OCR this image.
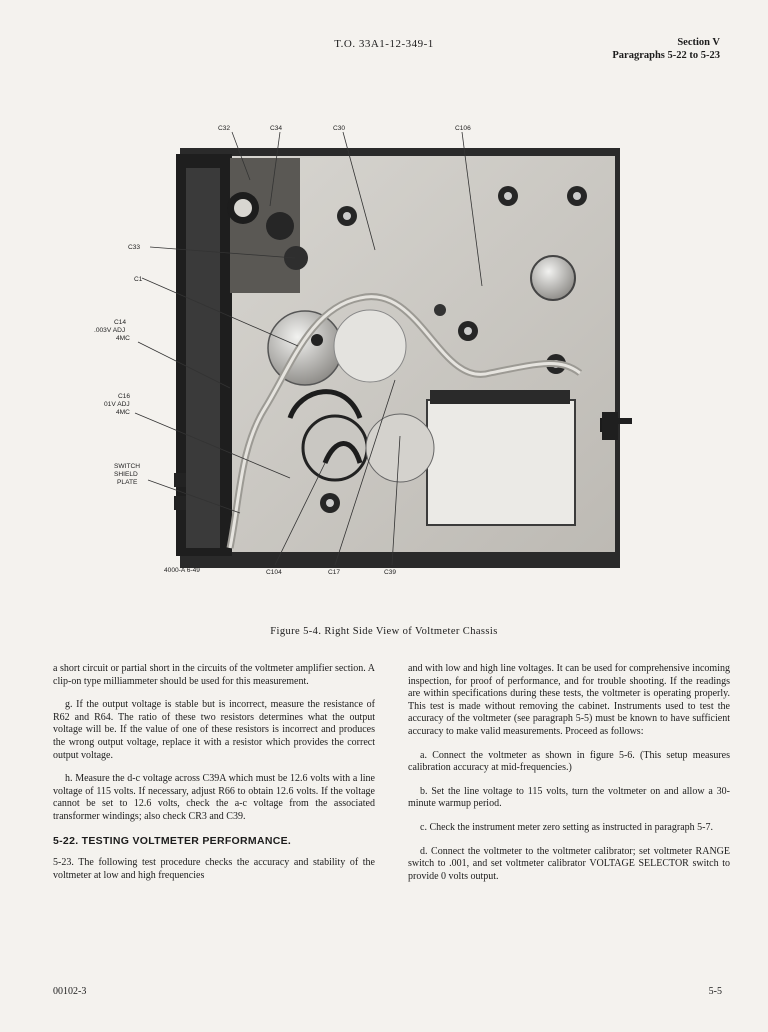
T.O. 33A1-12-349-1	Section V
Paragraphs 5-22 to 5-23
C32	C34	C30	C106
C33
C1
C14
.003V ADJ
4MC
C16
01V ADJ
4MC
SWITCH
SHIELD
PLATE
4000-A 6-49	C104	C17	C39
Figure 5-4. Right Side View of Voltmeter Chassis

a short circuit or partial short in the circuits of the voltmeter amplifier section. A clip-on type milliammeter should be used for this measurement.

g. If the output voltage is stable but is incorrect, measure the resistance of R62 and R64. The ratio of these two resistors determines what the output voltage will be. If the value of one of these resistors is incorrect and produces the wrong output voltage, replace it with a resistor which provides the correct output voltage.

h. Measure the d-c voltage across C39A which must be 12.6 volts with a line voltage of 115 volts. If necessary, adjust R66 to obtain 12.6 volts. If the voltage cannot be set to 12.6 volts, check the a-c voltage from the associated transformer windings; also check CR3 and C39.

5-22. TESTING VOLTMETER PERFORMANCE.

5-23. The following test procedure checks the accuracy and stability of the voltmeter at low and high frequencies

and with low and high line voltages. It can be used for comprehensive incoming inspection, for proof of performance, and for trouble shooting. If the readings are within specifications during these tests, the voltmeter is operating properly. This test is made without removing the cabinet. Instruments used to test the accuracy of the voltmeter (see paragraph 5-5) must be known to have sufficient accuracy to make valid measurements. Proceed as follows:

a. Connect the voltmeter as shown in figure 5-6. (This setup measures calibration accuracy at mid-frequencies.)

b. Set the line voltage to 115 volts, turn the voltmeter on and allow a 30-minute warmup period.

c. Check the instrument meter zero setting as instructed in paragraph 5-7.

d. Connect the voltmeter to the voltmeter calibrator; set voltmeter RANGE switch to .001, and set voltmeter calibrator VOLTAGE SELECTOR switch to provide 0 volts output.

00102-3	5-5
